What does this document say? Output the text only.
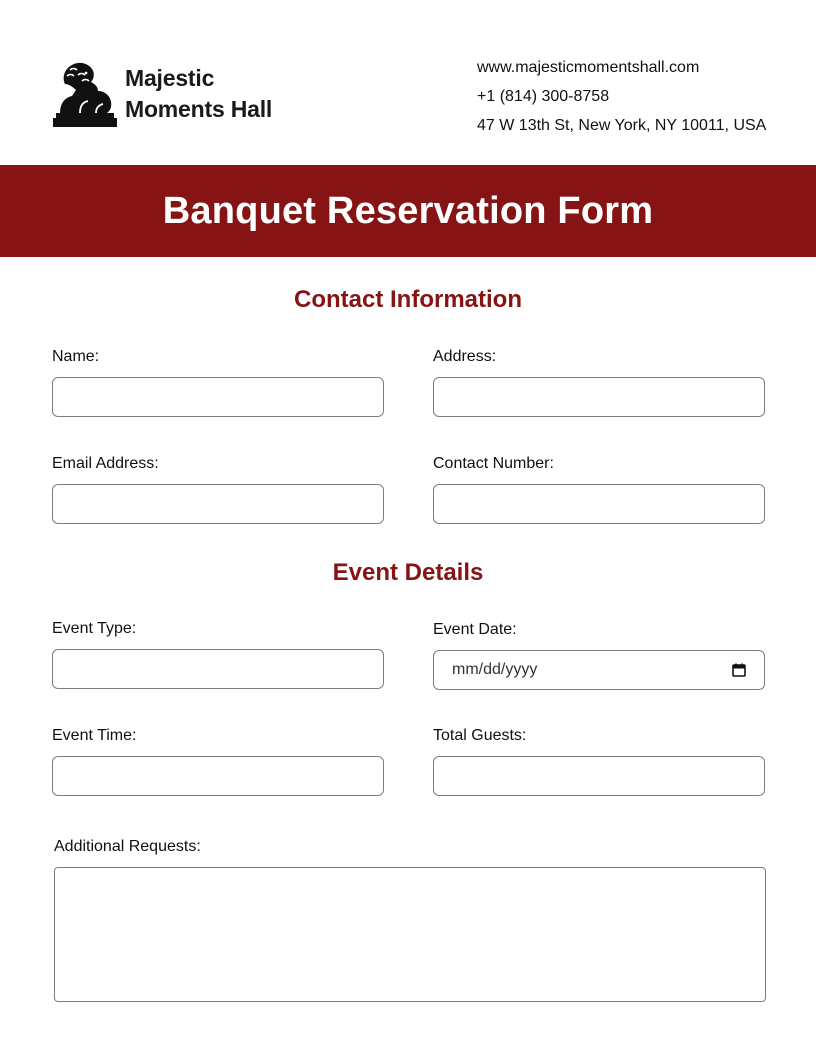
Majestic
Moments Hall
www.majesticmomentshall.com
+1 (814) 300-8758
47 W 13th St, New York, NY 10011, USA
Banquet Reservation Form
Contact Information
Name:	Address:
Email Address:	Contact Number:
Event Details
Event Type:	Event Date:
mm/dd/yyyy
Event Time:	Total Guests:
Additional Requests:
